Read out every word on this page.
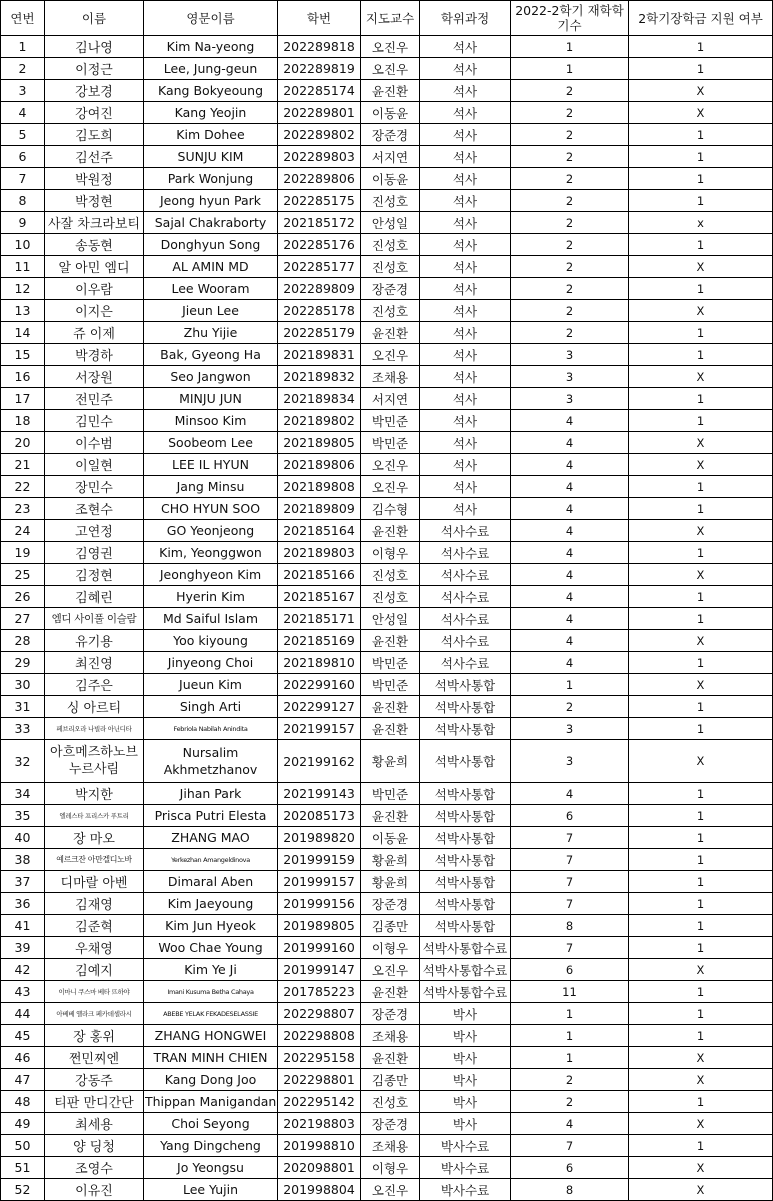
연번	이름	영문이름	학번	지도교수	학위과정	2022-2학기 재학학기수	2학기장학금 지원 여부
1	김나영	Kim Na-yeong	202289818	오진우	석사	1	1
2	이정근	Lee, Jung-geun	202289819	오진우	석사	1	1
3	강보경	Kang Bokyeoung	202285174	윤진환	석사	2	X
4	강여진	Kang Yeojin	202289801	이동윤	석사	2	X
5	김도희	Kim Dohee	202289802	장준경	석사	2	1
6	김선주	SUNJU KIM	202289803	서지연	석사	2	1
7	박원정	Park Wonjung	202289806	이동윤	석사	2	1
8	박정현	Jeong hyun Park	202285175	진성호	석사	2	1
9	사잘 차크라보티	Sajal Chakraborty	202185172	안성일	석사	2	x
10	송동현	Donghyun Song	202285176	진성호	석사	2	1
11	알 아민 엠디	AL AMIN MD	202285177	진성호	석사	2	X
12	이우람	Lee Wooram	202289809	장준경	석사	2	1
13	이지은	Jieun Lee	202285178	진성호	석사	2	X
14	쥬 이제	Zhu Yijie	202285179	윤진환	석사	2	1
15	박경하	Bak, Gyeong Ha	202189831	오진우	석사	3	1
16	서장원	Seo Jangwon	202189832	조채용	석사	3	X
17	전민주	MINJU JUN	202189834	서지연	석사	3	1
18	김민수	Minsoo Kim	202189802	박민준	석사	4	1
20	이수범	Soobeom Lee	202189805	박민준	석사	4	X
21	이일현	LEE IL HYUN	202189806	오진우	석사	4	X
22	장민수	Jang Minsu	202189808	오진우	석사	4	1
23	조현수	CHO HYUN SOO	202189809	김수형	석사	4	1
24	고연정	GO Yeonjeong	202185164	윤진환	석사수료	4	X
19	김영권	Kim, Yeonggwon	202189803	이형우	석사수료	4	1
25	김정현	Jeonghyeon Kim	202185166	진성호	석사수료	4	X
26	김혜린	Hyerin Kim	202185167	진성호	석사수료	4	1
27	엠디 사이풀 이슬람	Md Saiful Islam	202185171	안성일	석사수료	4	1
28	유기용	Yoo kiyoung	202185169	윤진환	석사수료	4	X
29	최진영	Jinyeong Choi	202189810	박민준	석사수료	4	1
30	김주은	Jueun Kim	202299160	박민준	석박사통합	1	X
31	싱 아르티	Singh Arti	202299127	윤진환	석박사통합	2	1
33	페브리오라 나빌라 아닌디타	Febriola Nabilah Anindita	202199157	윤진환	석박사통합	3	1
32	아흐메즈하노브 누르사림	Nursalim Akhmetzhanov	202199162	황윤희	석박사통합	3	X
34	박지한	Jihan Park	202199143	박민준	석박사통합	4	1
35	엘레스타 프리스카 푸트리	Prisca Putri Elesta	202085173	윤진환	석박사통합	6	1
40	장 마오	ZHANG MAO	201989820	이동윤	석박사통합	7	1
38	예르크잔 아만겔디노바	Yerkezhan Amangeldinova	201999159	황윤희	석박사통합	7	1
37	디마랄 아벤	Dimaral Aben	201999157	황윤희	석박사통합	7	1
36	김재영	Kim Jaeyoung	201999156	장준경	석박사통합	7	1
41	김준혁	Kim Jun Hyeok	201989805	김종만	석박사통합	8	1
39	우채영	Woo Chae Young	201999160	이형우	석박사통합수료	7	1
42	김예지	Kim Ye Ji	201999147	오진우	석박사통합수료	6	X
43	이마니 쿠스마 베타 뜨하야	Imani Kusuma Betha Cahaya	201785223	윤진환	석박사통합수료	11	1
44	아베베 옐라크 페카데셀라시	ABEBE YELAK FEKADESELASSIE	202298807	장준경	박사	1	1
45	장 홍위	ZHANG HONGWEI	202298808	조채용	박사	1	1
46	쩐민찌엔	TRAN MINH CHIEN	202295158	윤진환	박사	1	X
47	강동주	Kang Dong Joo	202298801	김종만	박사	2	X
48	티판 만디간단	Thippan Manigandan	202295142	진성호	박사	2	1
49	최세용	Choi Seyong	202198803	장준경	박사	4	X
50	양 딩청	Yang Dingcheng	201998810	조채용	박사수료	7	1
51	조영수	Jo Yeongsu	202098801	이형우	박사수료	6	X
52	이유진	Lee Yujin	201998804	오진우	박사수료	8	X
